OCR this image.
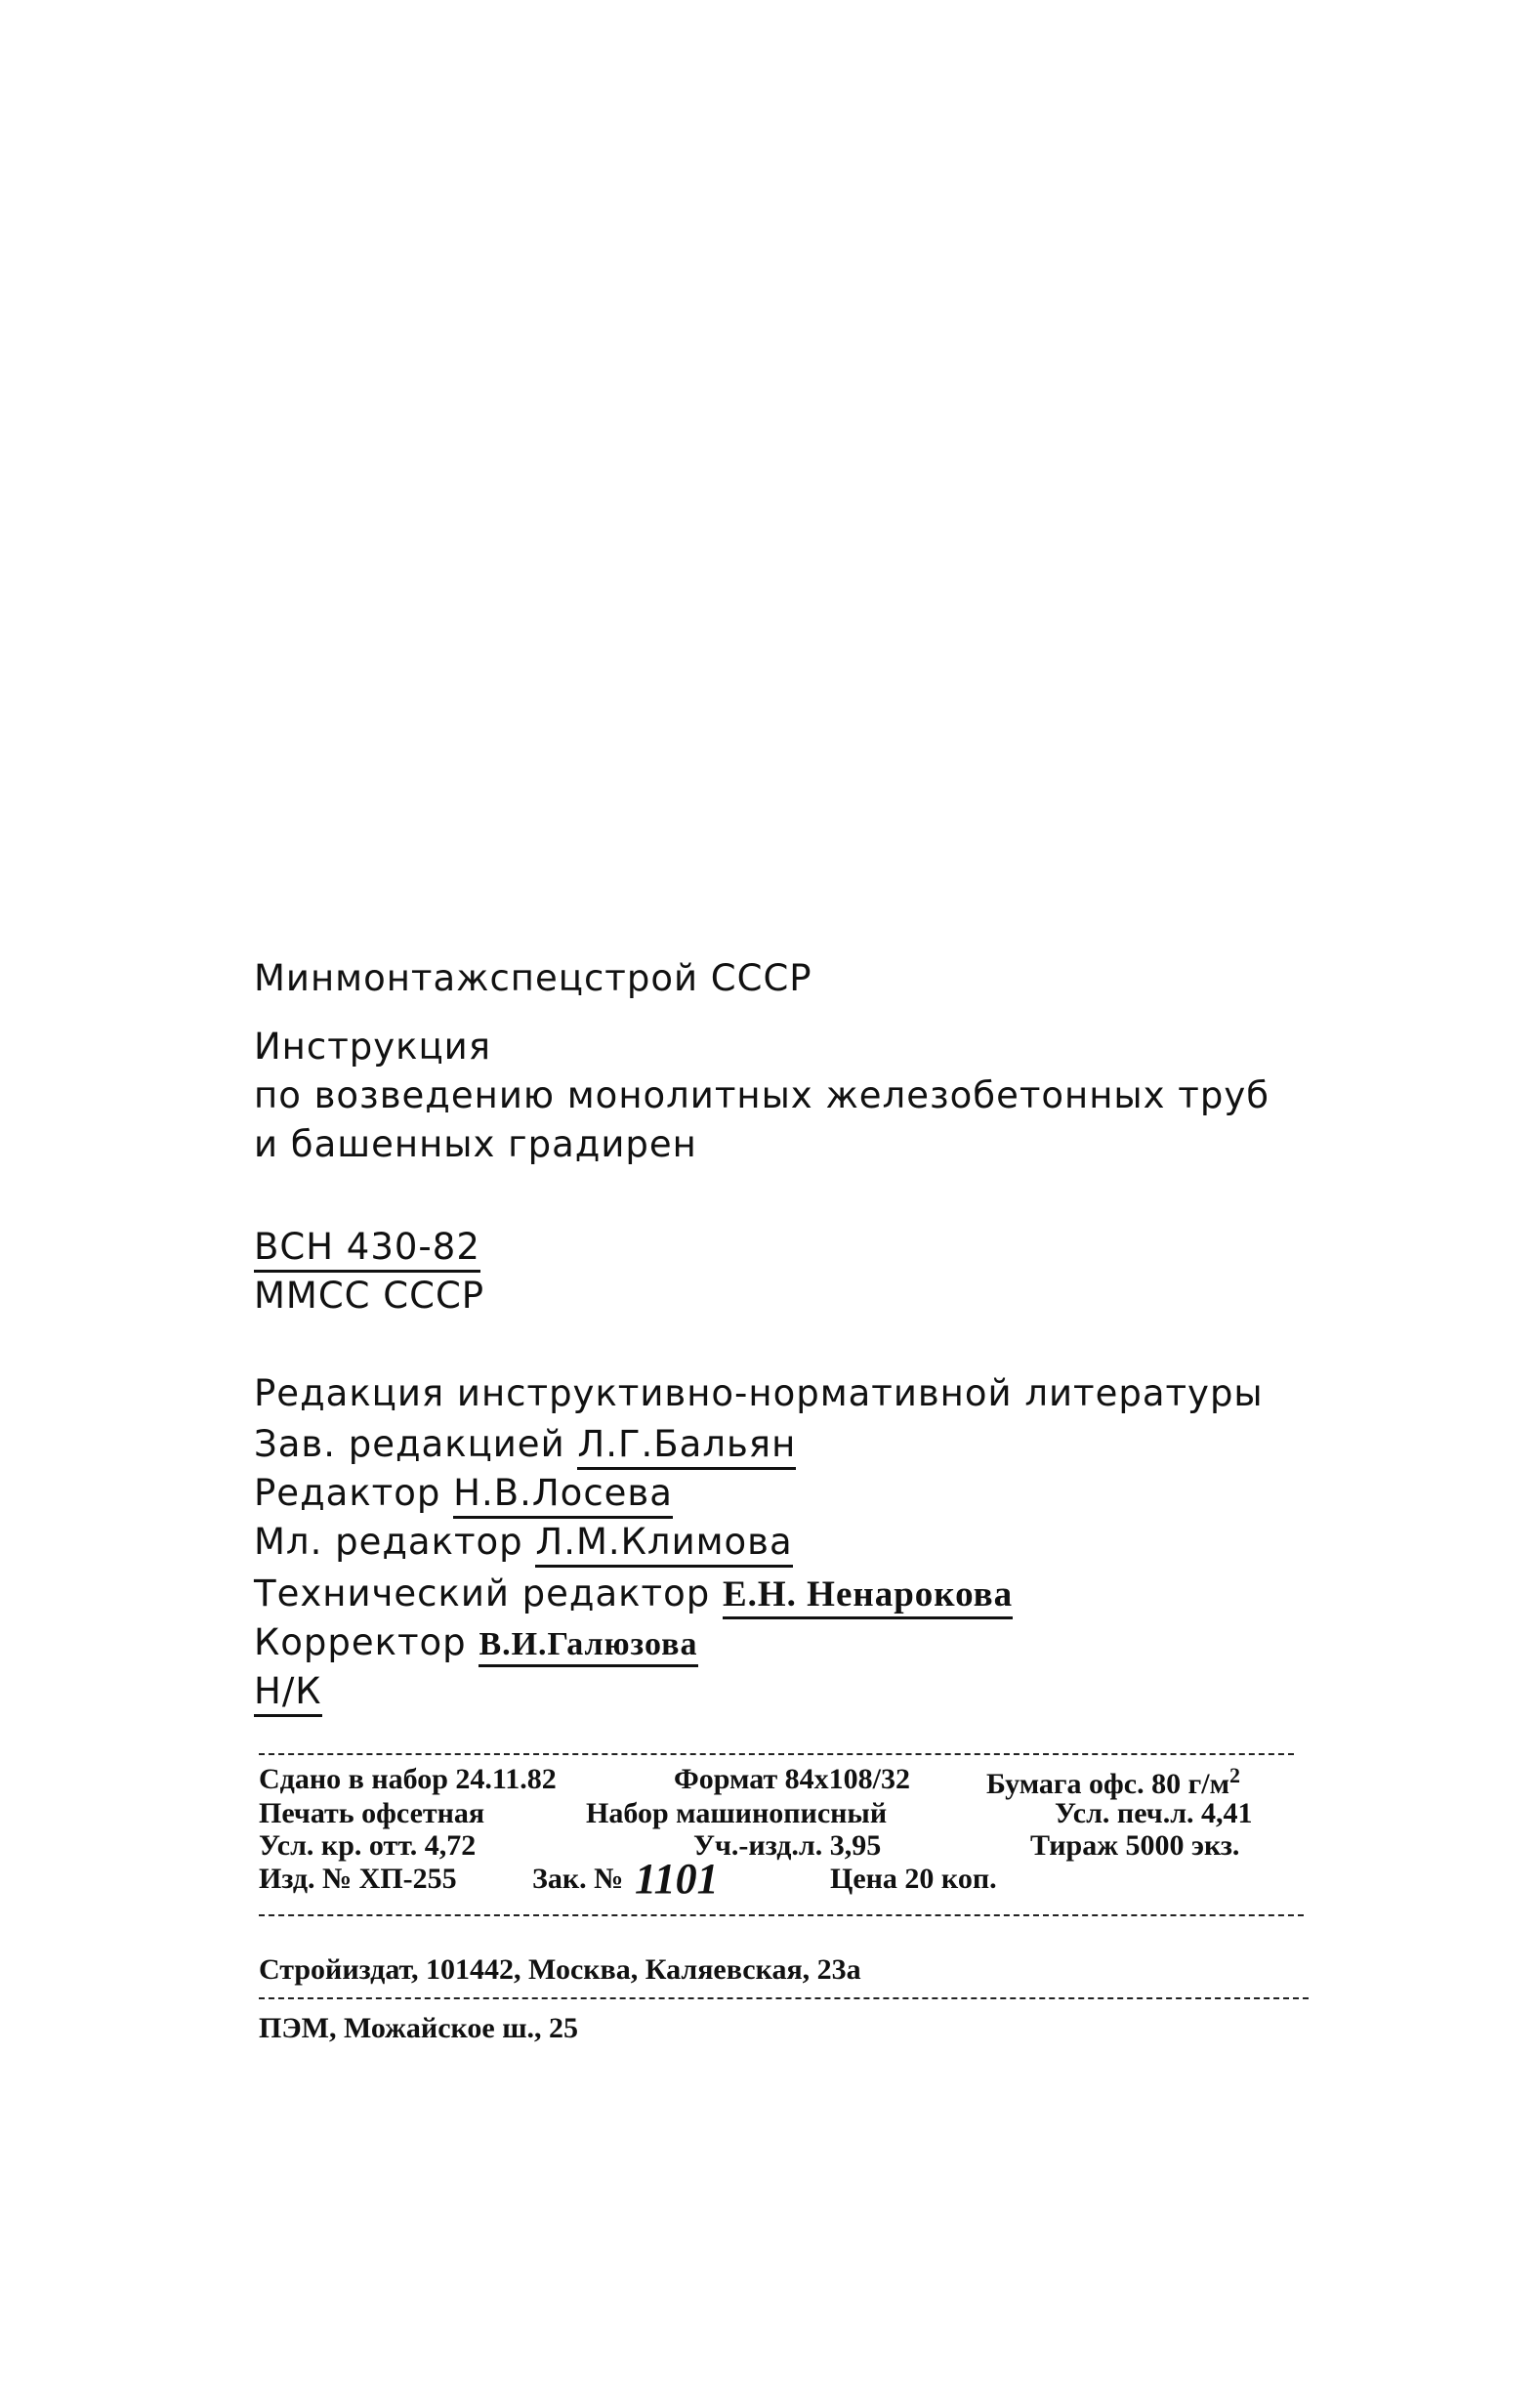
Минмонтажспецстрой СССР
Инструкция
по возведению монолитных железобетонных труб
и башенных градирен
ВСН 430-82
ММСС СССР
Редакция инструктивно-нормативной литературы
Зав. редакцией Л.Г.Бальян
Редактор Н.В.Лосева
Мл. редактор Л.М.Климова
Технический редактор Е.Н. Ненарокова
Корректор В.И.Галюзова
Н/К
Сдано в набор 24.11.82	Формат 84х108/32	Бумага офс. 80 $г/м^2$
Печать офсетная	Набор машинописный	Усл. печ.л. 4,41
Усл. кр. отт. 4,72	Уч.-изд.л. 3,95	Тираж 5000 экз.
Изд. № ХП-255	Зак. № 1101	Цена 20 коп.
Стройиздат, 101442, Москва, Каляевская, 23а
ПЭМ, Можайское ш., 25
